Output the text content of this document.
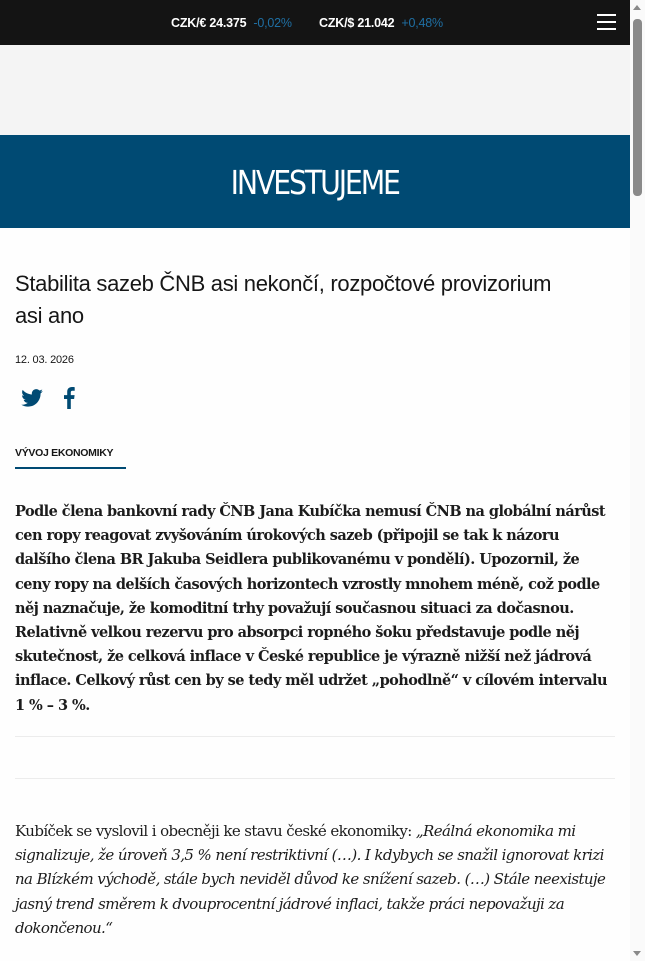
CZK/€ 24.375 -0,02% CZK/$ 21.042 +0,48%
INVESTUJEME
Stabilita sazeb ČNB asi nekončí, rozpočtové provizorium asi ano
12. 03. 2026
VÝVOJ EKONOMIKY

Podle člena bankovní rady ČNB Jana Kubíčka nemusí ČNB na globální nárůst cen ropy reagovat zvyšováním úrokových sazeb (připojil se tak k názoru dalšího člena BR Jakuba Seidlera publikovanému v pondělí). Upozornil, že ceny ropy na delších časových horizontech vzrostly mnohem méně, což podle něj naznačuje, že komoditní trhy považují současnou situaci za dočasnou. Relativně velkou rezervu pro absorpci ropného šoku představuje podle něj skutečnost, že celková inflace v České republice je výrazně nižší než jádrová inflace. Celkový růst cen by se tedy měl udržet „pohodlně“ v cílovém intervalu 1 % – 3 %.

Kubíček se vyslovil i obecněji ke stavu české ekonomiky: „Reálná ekonomika mi signalizuje, že úroveň 3,5 % není restriktivní (…). I kdybych se snažil ignorovat krizi na Blízkém východě, stále bych neviděl důvod ke snížení sazeb. (…) Stále neexistuje jasný trend směrem k dvouprocentní jádrové inflaci, takže práci nepovažuji za dokončenou.“
